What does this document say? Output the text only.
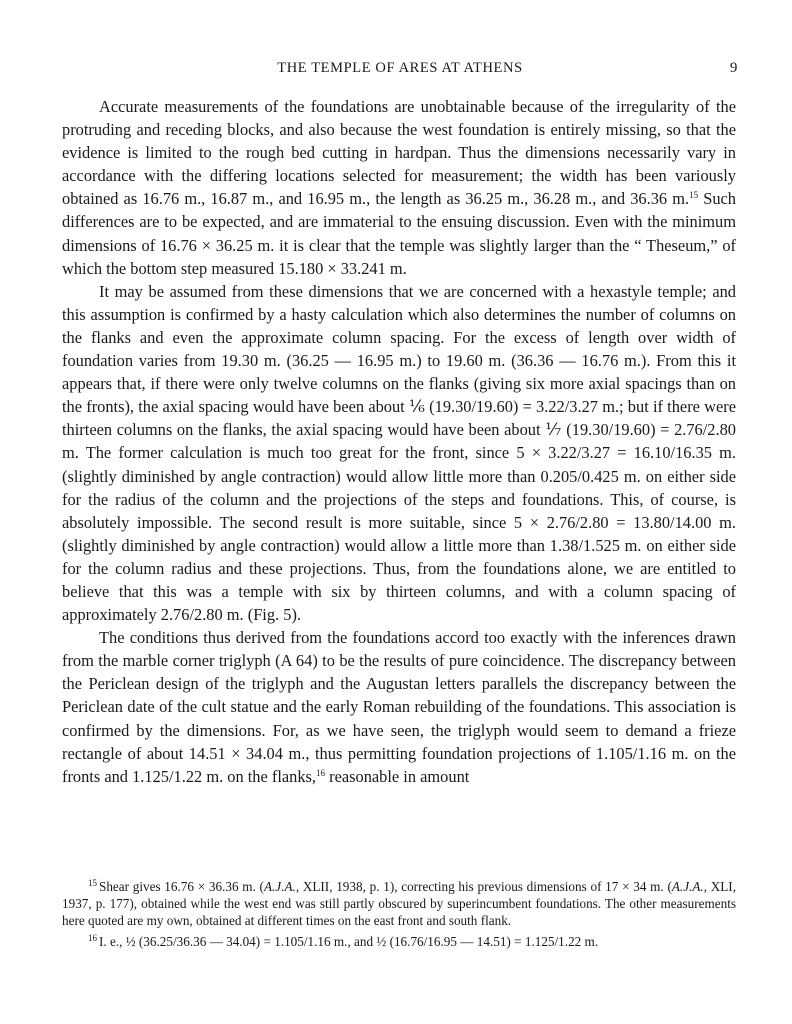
THE TEMPLE OF ARES AT ATHENS	9

Accurate measurements of the foundations are unobtainable because of the irregularity of the protruding and receding blocks, and also because the west foundation is entirely missing, so that the evidence is limited to the rough bed cutting in hardpan. Thus the dimensions necessarily vary in accordance with the differing locations selected for measurement; the width has been variously obtained as 16.76 m., 16.87 m., and 16.95 m., the length as 36.25 m., 36.28 m., and 36.36 m.$^{15}$ Such differences are to be expected, and are immaterial to the ensuing discussion. Even with the minimum dimensions of 16.76 × 36.25 m. it is clear that the temple was slightly larger than the “ Theseum,” of which the bottom step measured 15.180 × 33.241 m.

It may be assumed from these dimensions that we are concerned with a hexastyle temple; and this assumption is confirmed by a hasty calculation which also determines the number of columns on the flanks and even the approximate column spacing. For the excess of length over width of foundation varies from 19.30 m. (36.25 — 16.95 m.) to 19.60 m. (36.36 — 16.76 m.). From this it appears that, if there were only twelve columns on the flanks (giving six more axial spacings than on the fronts), the axial spacing would have been about ⅙ (19.30/19.60) = 3.22/3.27 m.; but if there were thirteen columns on the flanks, the axial spacing would have been about ⅐ (19.30/19.60) = 2.76/2.80 m. The former calculation is much too great for the front, since 5 × 3.22/3.27 = 16.10/16.35 m. (slightly diminished by angle contraction) would allow little more than 0.205/0.425 m. on either side for the radius of the column and the projections of the steps and foundations. This, of course, is absolutely impossible. The second result is more suitable, since 5 × 2.76/2.80 = 13.80/14.00 m. (slightly diminished by angle contraction) would allow a little more than 1.38/1.525 m. on either side for the column radius and these projections. Thus, from the foundations alone, we are entitled to believe that this was a temple with six by thirteen columns, and with a column spacing of approximately 2.76/2.80 m. (Fig. 5).

The conditions thus derived from the foundations accord too exactly with the inferences drawn from the marble corner triglyph (A 64) to be the results of pure coincidence. The discrepancy between the Periclean design of the triglyph and the Augustan letters parallels the discrepancy between the Periclean date of the cult statue and the early Roman rebuilding of the foundations. This association is confirmed by the dimensions. For, as we have seen, the triglyph would seem to demand a frieze rectangle of about 14.51 × 34.04 m., thus permitting foundation projections of 1.105/1.16 m. on the fronts and 1.125/1.22 m. on the flanks,$^{16}$ reasonable in amount

$^{15}$ Shear gives 16.76 × 36.36 m. (A.J.A., XLII, 1938, p. 1), correcting his previous dimensions of 17 × 34 m. (A.J.A., XLI, 1937, p. 177), obtained while the west end was still partly obscured by superincumbent foundations. The other measurements here quoted are my own, obtained at different times on the east front and south flank.

$^{16}$ I. e., ½ (36.25/36.36 — 34.04) = 1.105/1.16 m., and ½ (16.76/16.95 — 14.51) = 1.125/1.22 m.
